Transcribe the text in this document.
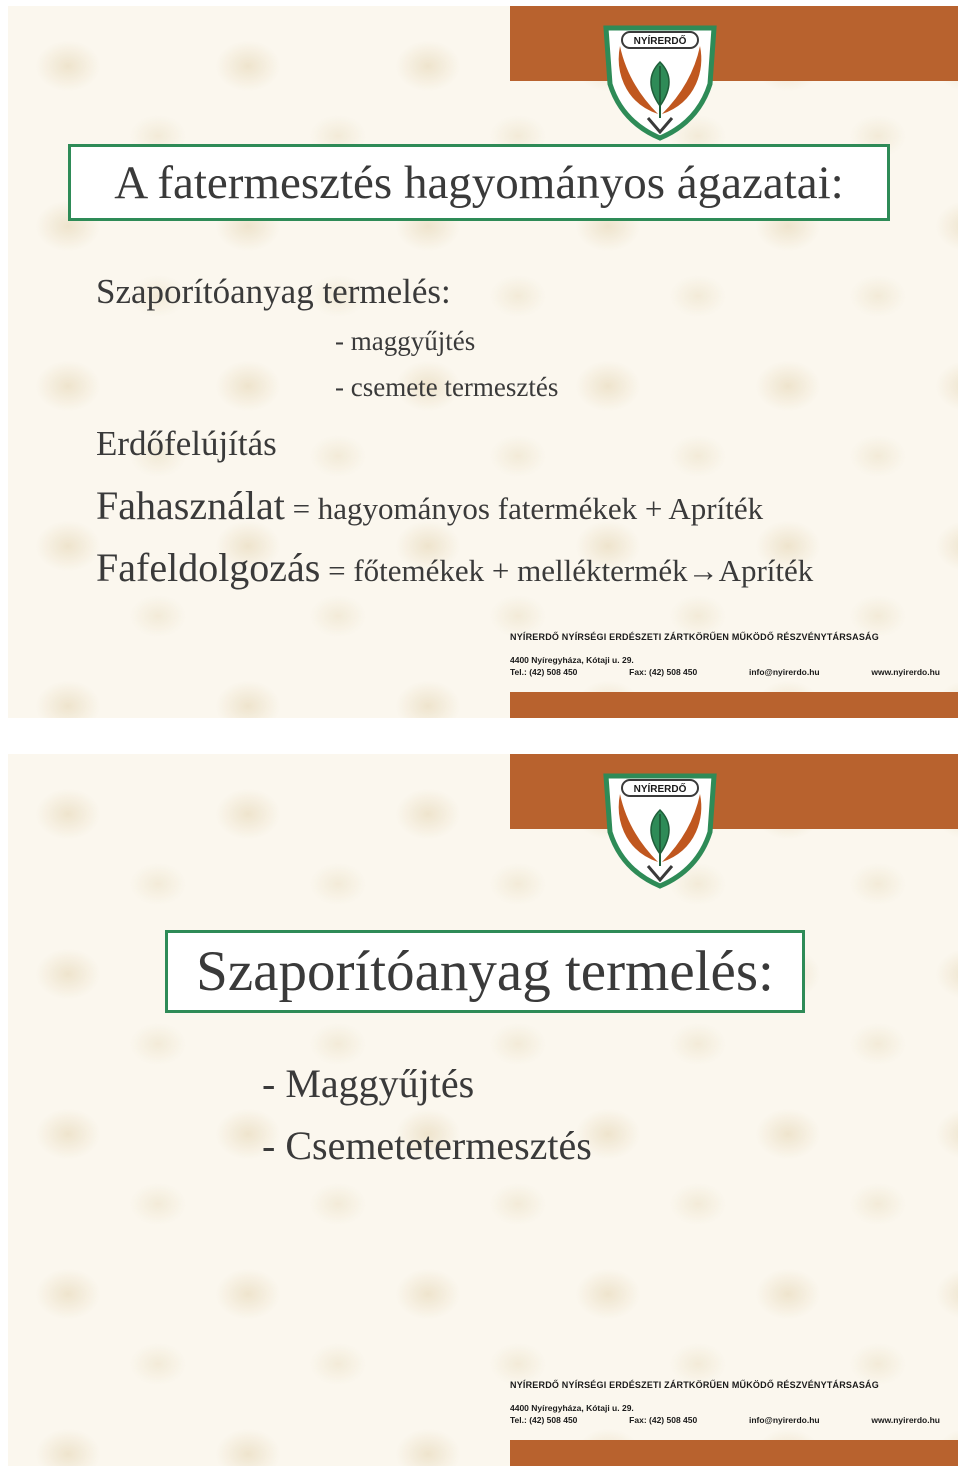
NYÍRERDŐ
A fatermesztés hagyományos ágazatai:
Szaporítóanyag termelés:
- maggyűjtés
- csemete termesztés
Erdőfelújítás
Fahasználat = hagyományos fatermékek + Apríték
Fafeldolgozás = főtemékek + melléktermék→Apríték
NYÍRERDŐ NYÍRSÉGI ERDÉSZETI ZÁRTKÖRŰEN MŰKÖDŐ RÉSZVÉNYTÁRSASÁG
4400 Nyíregyháza, Kótaji u. 29.
Tel.: (42) 508 450	Fax: (42) 508 450	info@nyirerdo.hu	www.nyirerdo.hu
NYÍRERDŐ
Szaporítóanyag termelés:
- Maggyűjtés
- Csemetetermesztés
NYÍRERDŐ NYÍRSÉGI ERDÉSZETI ZÁRTKÖRŰEN MŰKÖDŐ RÉSZVÉNYTÁRSASÁG
4400 Nyíregyháza, Kótaji u. 29.
Tel.: (42) 508 450	Fax: (42) 508 450	info@nyirerdo.hu	www.nyirerdo.hu
